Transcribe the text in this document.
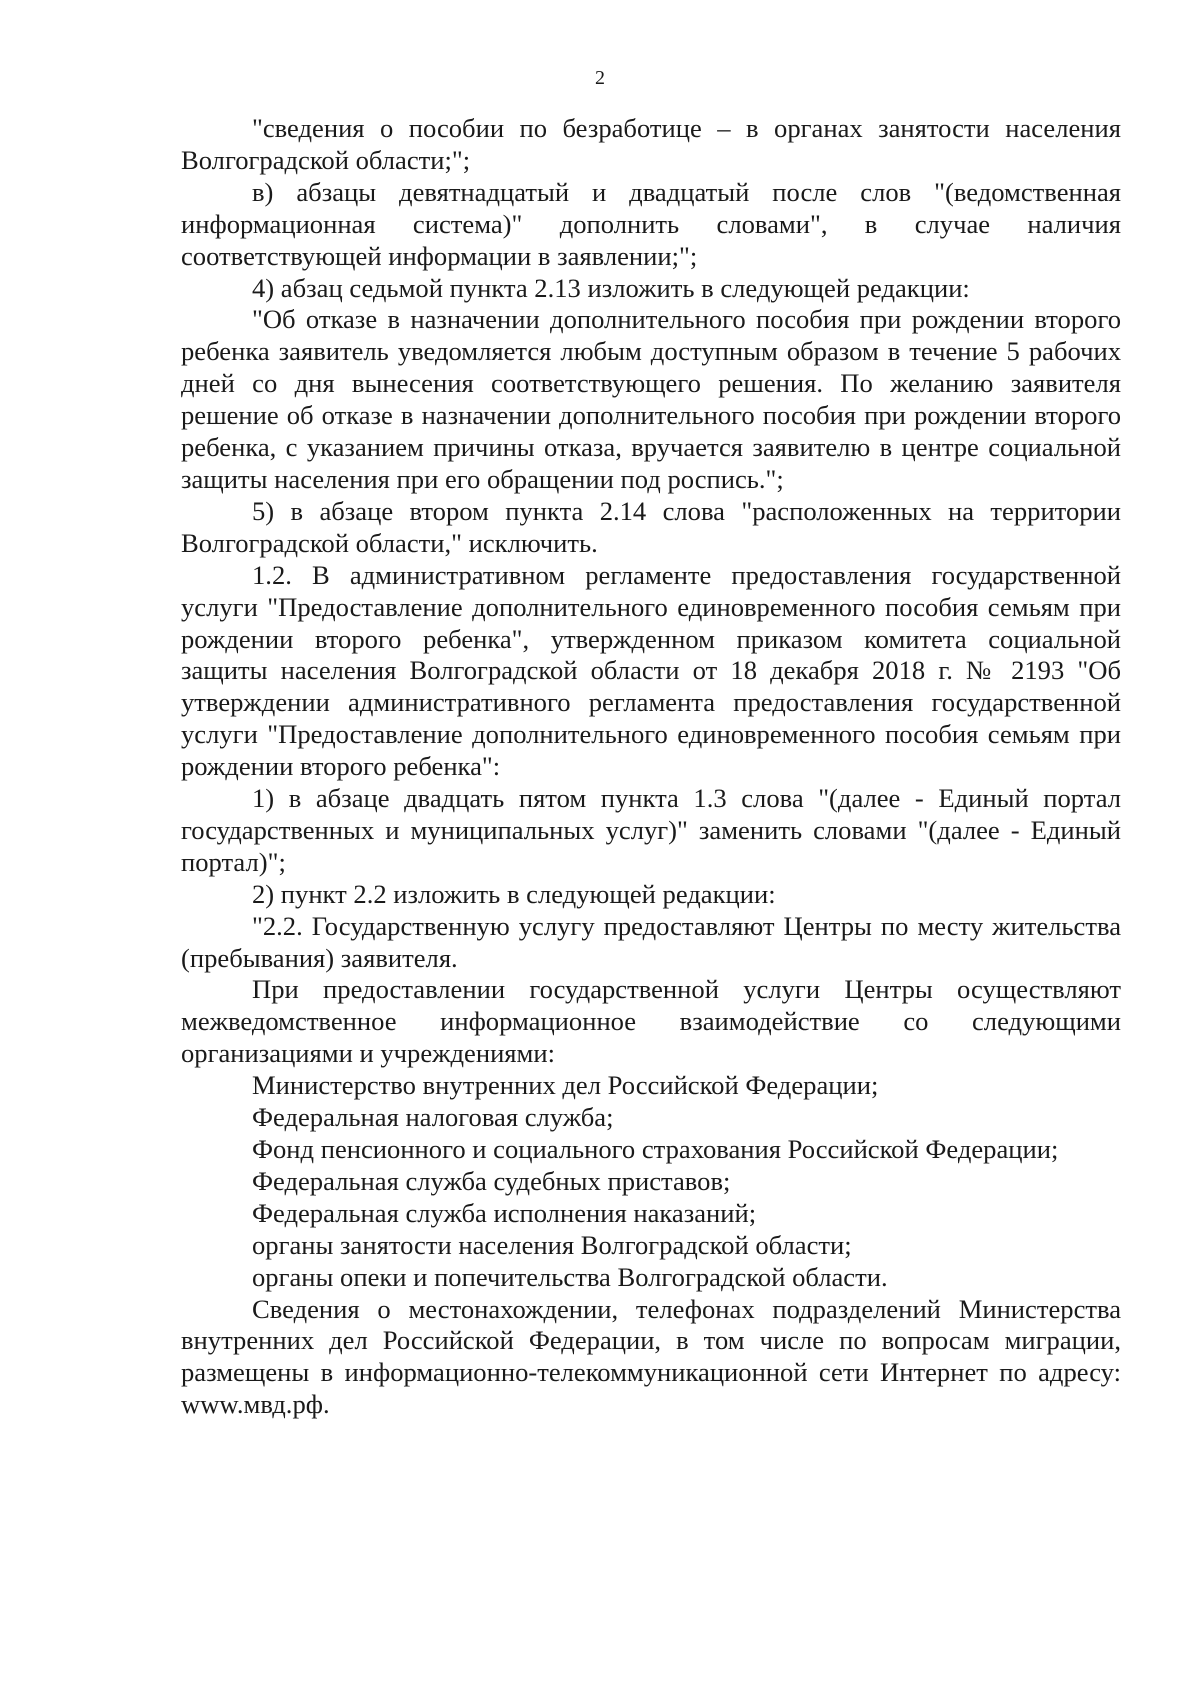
2

"сведения о пособии по безработице – в органах занятости населения Волгоградской области;";

в) абзацы девятнадцатый и двадцатый после слов "(ведомственная информационная система)" дополнить словами", в случае наличия соответствующей информации в заявлении;";

4) абзац седьмой пункта 2.13 изложить в следующей редакции:

"Об отказе в назначении дополнительного пособия при рождении второго ребенка заявитель уведомляется любым доступным образом в течение 5 рабочих дней со дня вынесения соответствующего решения. По желанию заявителя решение об отказе в назначении дополнительного пособия при рождении второго ребенка, с указанием причины отказа, вручается заявителю в центре социальной защиты населения при его обращении под роспись.";

5) в абзаце втором пункта 2.14 слова "расположенных на территории Волгоградской области," исключить.

1.2. В административном регламенте предоставления государственной услуги "Предоставление дополнительного единовременного пособия семьям при рождении второго ребенка", утвержденном приказом комитета социальной защиты населения Волгоградской области от 18 декабря 2018 г. № 2193 "Об утверждении административного регламента предоставления государственной услуги "Предоставление дополнительного единовременного пособия семьям при рождении второго ребенка":

1) в абзаце двадцать пятом пункта 1.3 слова "(далее - Единый портал государственных и муниципальных услуг)" заменить словами "(далее - Единый портал)";

2) пункт 2.2 изложить в следующей редакции:

"2.2. Государственную услугу предоставляют Центры по месту жительства (пребывания) заявителя.

При предоставлении государственной услуги Центры осуществляют межведомственное информационное взаимодействие со следующими организациями и учреждениями:

Министерство внутренних дел Российской Федерации;

Федеральная налоговая служба;

Фонд пенсионного и социального страхования Российской Федерации;

Федеральная служба судебных приставов;

Федеральная служба исполнения наказаний;

органы занятости населения Волгоградской области;

органы опеки и попечительства Волгоградской области.

Сведения о местонахождении, телефонах подразделений Министерства внутренних дел Российской Федерации, в том числе по вопросам миграции, размещены в информационно-телекоммуникационной сети Интернет по адресу: www.мвд.рф.
